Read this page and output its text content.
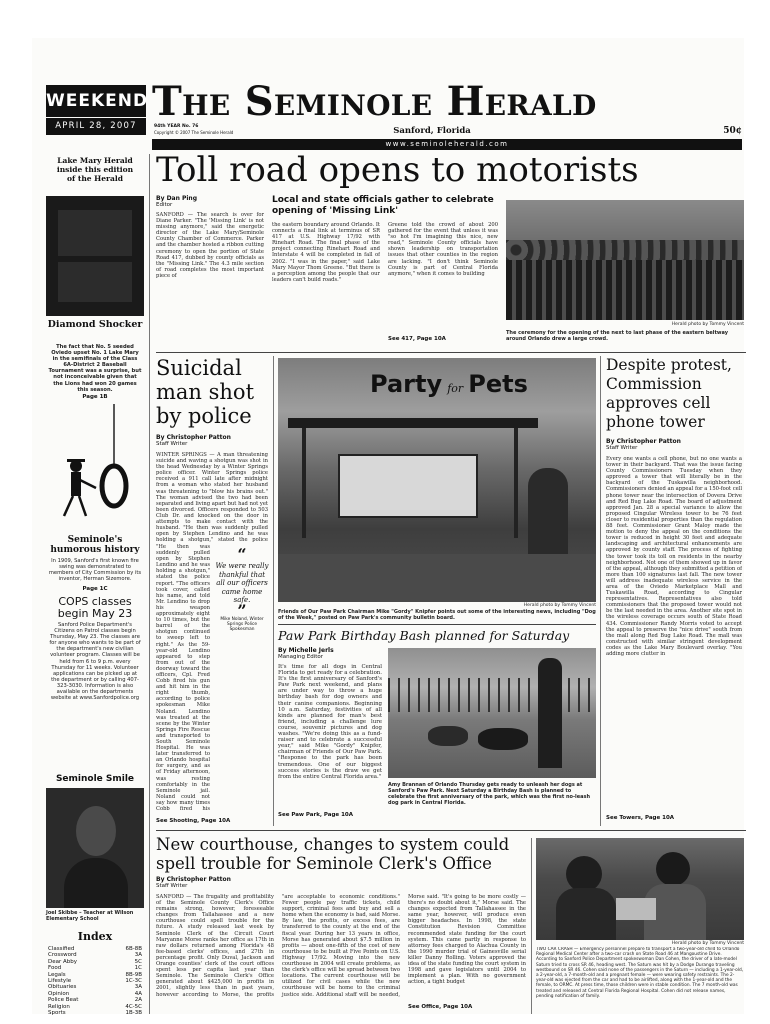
WEEKEND
APRIL 28, 2007
The Seminole Herald
94th YEAR No. 76
Copyright © 2007 The Seminole Herald	Sanford, Florida	50¢
www.seminoleherald.com
Lake Mary Herald inside this edition of the Herald
Diamond Shocker
The fact that No. 5 seeded Oviedo upset No. 1 Lake Mary in the semifinals of the Class 6A-District 2 Baseball Tournament was a surprise, but not inconceivable given that the Lions had won 20 games this season.
Page 1B
Seminole's humorous history
In 1909, Sanford's first known fire swing was demonstrated to members of City Commission by its inventor, Herman Sizemore.
Page 1C
COPS classes begin May 23
Sanford Police Department's Citizens on Patrol classes begin Thursday, May 23. The classes are for anyone who wants to be part of the department's new civilian volunteer program. Classes will be held from 6 to 9 p.m. every Thursday for 11 weeks. Volunteer applications can be picked up at the department or by calling 407-323-3030. Information is also available on the departments website at www.Sanfordpolice.org
Seminole Smile
Joel Skibbe – Teacher at Wilson Elementary School
Index
Classified	6B-8B
Crossword	3A
Dear Abby	5C
Food	1C
Legals	8B-9B
Lifestyle	1C-3C
Obituaries	3A
Opinion	4A
Police Beat	2A
Religion	4C-5C
Sports	1B-3B
Toll road opens to motorists
By Dan Ping
Editor
SANFORD — The search is over for Diane Parker. "The 'Missing Link' is not missing anymore," said the energetic director of the Lake Mary/Seminole County Chamber of Commerce. Parker and the chamber hosted a ribbon cutting ceremony to open the portion of State Road 417, dubbed by county officials as the "Missing Link." The 4.3 mile section of road completes the most important piece of
Local and state officials gather to celebrate opening of 'Missing Link'
the eastern boundary around Orlando. It connects a final link at terminus of SR 417 at U.S. Highway 17/92 with Rinehart Road. The final phase of the project connecting Rinehart Road and Interstate 4 will be completed in fall of 2002. "I was in the paper," said Lake Mary Mayor Thom Greene. "But there is a perception among the people that our leaders can't build roads."
Greene told the crowd of about 200 gathered for the event that unless it was "so hot I'm imagining this nice, new road," Seminole County officials have shown leadership on transportation issues that other counties in the region are lacking. "I don't think Seminole County is part of Central Florida anymore," when it comes to building
See 417, Page 10A
Herald photo by Tommy Vincent
The ceremony for the opening of the next to last phase of the eastern beltway around Orlando drew a large crowd.
Suicidal man shot by police
By Christopher Patton
Staff Writer
WINTER SPRINGS — A man threatening suicide and waving a shotgun was shot in the head Wednesday by a Winter Springs police officer. Winter Springs police received a 911 call late after midnight from a woman who stated her husband was threatening to "blow his brains out." The woman advised the two had been separated and living apart but had not yet been divorced. Officers responded to 503 Club Dr. and knocked on the door in attempts to make contact with the husband. "He then was suddenly pulled open by Stephen Lendino and he was holding a shotgun," stated the police
"He then was suddenly pulled open by Stephen Lendino and he was holding a shotgun," stated the police report. "The officers took cover, called his name, and told Mr. Lendino to drop his weapon approximately eight to 10 times, but the barrel of the shotgun continued to sweep left to right." As the 59-year-old Lendino appeared to step from out of the doorway toward the officers, Cpl. Fred Cobb fired his gun and hit him in the right thumb, according to police spokesman Mike Noland. Lendino was treated at the scene by the Winter Springs Fire Rescue and transported to South Seminole Hospital. He was later transferred to an Orlando hospital for surgery, and as of Friday afternoon, was resting comfortably in the Seminole jail. Noland could not say how many times Cobb fired his
“
We were really thankful that all our officers came home safe.
”
Mike Noland, Winter Springs Police Spokesman
See Shooting, Page 10A
Party for Pets
Herald photo by Tommy Vincent
Friends of Our Paw Park Chairman Mike "Gordy" Knipfer points out some of the interesting news, including "Dog of the Week," posted on Paw Park's community bulletin board.
Paw Park Birthday Bash planned for Saturday
By Michelle Jerls
Managing Editor
It's time for all dogs in Central Florida to get ready for a celebration. It's the first anniversary of Sanford's Paw Park next weekend, and plans are under way to throw a huge birthday bash for dog owners and their canine companions. Beginning 10 a.m. Saturday, festivities of all kinds are planned for man's best friend, including a challenge lure course, souvenir pictures and dog washes. "We're doing this as a fund-raiser and to celebrate a successful year," said Mike "Gordy" Knipfer, chairman of Friends of Our Paw Park. "Response to the park has been tremendous. One of our biggest success stories is the draw we get from the entire Central Florida area."
See Paw Park, Page 10A
Amy Brannan of Orlando Thursday gets ready to unleash her dogs at Sanford's Paw Park. Next Saturday a Birthday Bash is planned to celebrate the first anniversary of the park, which was the first no-leash dog park in Central Florida.
Despite protest, Commission approves cell phone tower
By Christopher Patton
Staff Writer
Every one wants a cell phone, but no one wants a tower in their backyard. That was the issue facing County Commissioners Tuesday when they approved a tower that will literally be in the backyard of the Tuskawilla neighborhood. Commissioners denied an appeal for a 150-foot cell phone tower near the intersection of Dovera Drive and Red Bug Lake Road. The board of adjustment approved Jan. 28 a special variance to allow the proposed Cingular Wireless tower to be 76 feet closer to residential properties than the regulation 88 feet. Commissioner Grant Maloy made the motion to deny the appeal on the conditions the tower is reduced in height 30 feet and adequate landscaping and architectural enhancements are approved by county staff. The process of fighting the tower took its toll on residents in the nearby neighborhood. Not one of them showed up in favor of the appeal, although they submitted a petition of more than 100 signatures last fall. The new tower will address inadequate wireless service in the area of the Oviedo Marketplace Mall and Tuskawilla Road, according to Cingular representatives. Representatives also told commissioners that the proposed tower would not be the last needed in the area. Another site spot in the wireless coverage occurs south of State Road 434. Commissioner Randy Morris voted to accept the appeal to preserve the "nice drive" south from the mall along Red Bug Lake Road. The mall was constructed with similar stringent development codes as the Lake Mary Boulevard overlay. "You adding more clutter in
See Towers, Page 10A
New courthouse, changes to system could spell trouble for Seminole Clerk's Office
By Christopher Patton
Staff Writer
SANFORD — The frugality and profitability of the Seminole County Clerk's Office remains strong, however, foreseeable changes from Tallahassee and a new courthouse could spell trouble for the future. A study released last week by Seminole Clerk of the Circuit Court Maryanne Morse ranks her office as 17th in raw dollars returned among Florida's 48 fee-based clerks' offices, and 27th in percentage profit. Only Duval, Jackson and Orange counties' clerk of the court offices spent less per capita last year than Seminole. The Seminole Clerk's Office generated about $425,000 in profits in 2001, slightly less than in past years, however according to Morse, the profits "are acceptable to economic conditions." Fewer people pay traffic tickets, child support, criminal fees and buy and sell a home when the economy is bad, said Morse. By law, the profits, or excess fees, are transferred to the county at the end of the fiscal year. During her 13 years in office, Morse has generated about $7.5 million in profits — about one-fifth of the cost of new courthouse to be built at Five Points on U.S. Highway 17/92. Moving into the new courthouse in 2004 will create problems, as the clerk's office will be spread between two locations. The current courthouse will be utilized for civil cases while the new courthouse will be home to the criminal justice side. Additional staff will be needed, Morse said. "It's going to be more costly — there's no doubt about it," Morse said. The changes expected from Tallahassee in the same year, however, will produce even bigger headaches. In 1998, the state Constitution Revision Committee recommended state funding for the court system. This came partly in response to attorney fees charged to Alachua County in the 1990 murder trial of Gainesville serial killer Danny Rolling. Voters approved the idea of the state funding the court system in 1998 and gave legislators until 2004 to implement a plan. With no government action, a tight budget
See Office, Page 10A
Herald photo by Tommy Vincent
TWO CAR CRASH — Emergency personnel prepare to transport a two-year-old child to Orlando Regional Medical Center after a two-car crash on State Road 46 at Mangoustine Drive. According to Sanford Police Department spokeswoman Dan Cohen, the driver of a late-model Saturn tried to cross SR 46, heading west. The Saturn was hit by a Dodge Durango traveling westbound on SR 46. Cohen said none of the passengers in the Saturn — including a 1-year-old, a 2-year-old, a 7-month-old and a pregnant female — were wearing safety restraints. The 2-year-old was ejected from the car and had to be airlifted, along with the 1-year-old and the female, to ORMC. At press time, those children were in stable condition. The 7 month-old was treated and released at Central Florida Regional Hospital. Cohen did not release names, pending notification of family.
